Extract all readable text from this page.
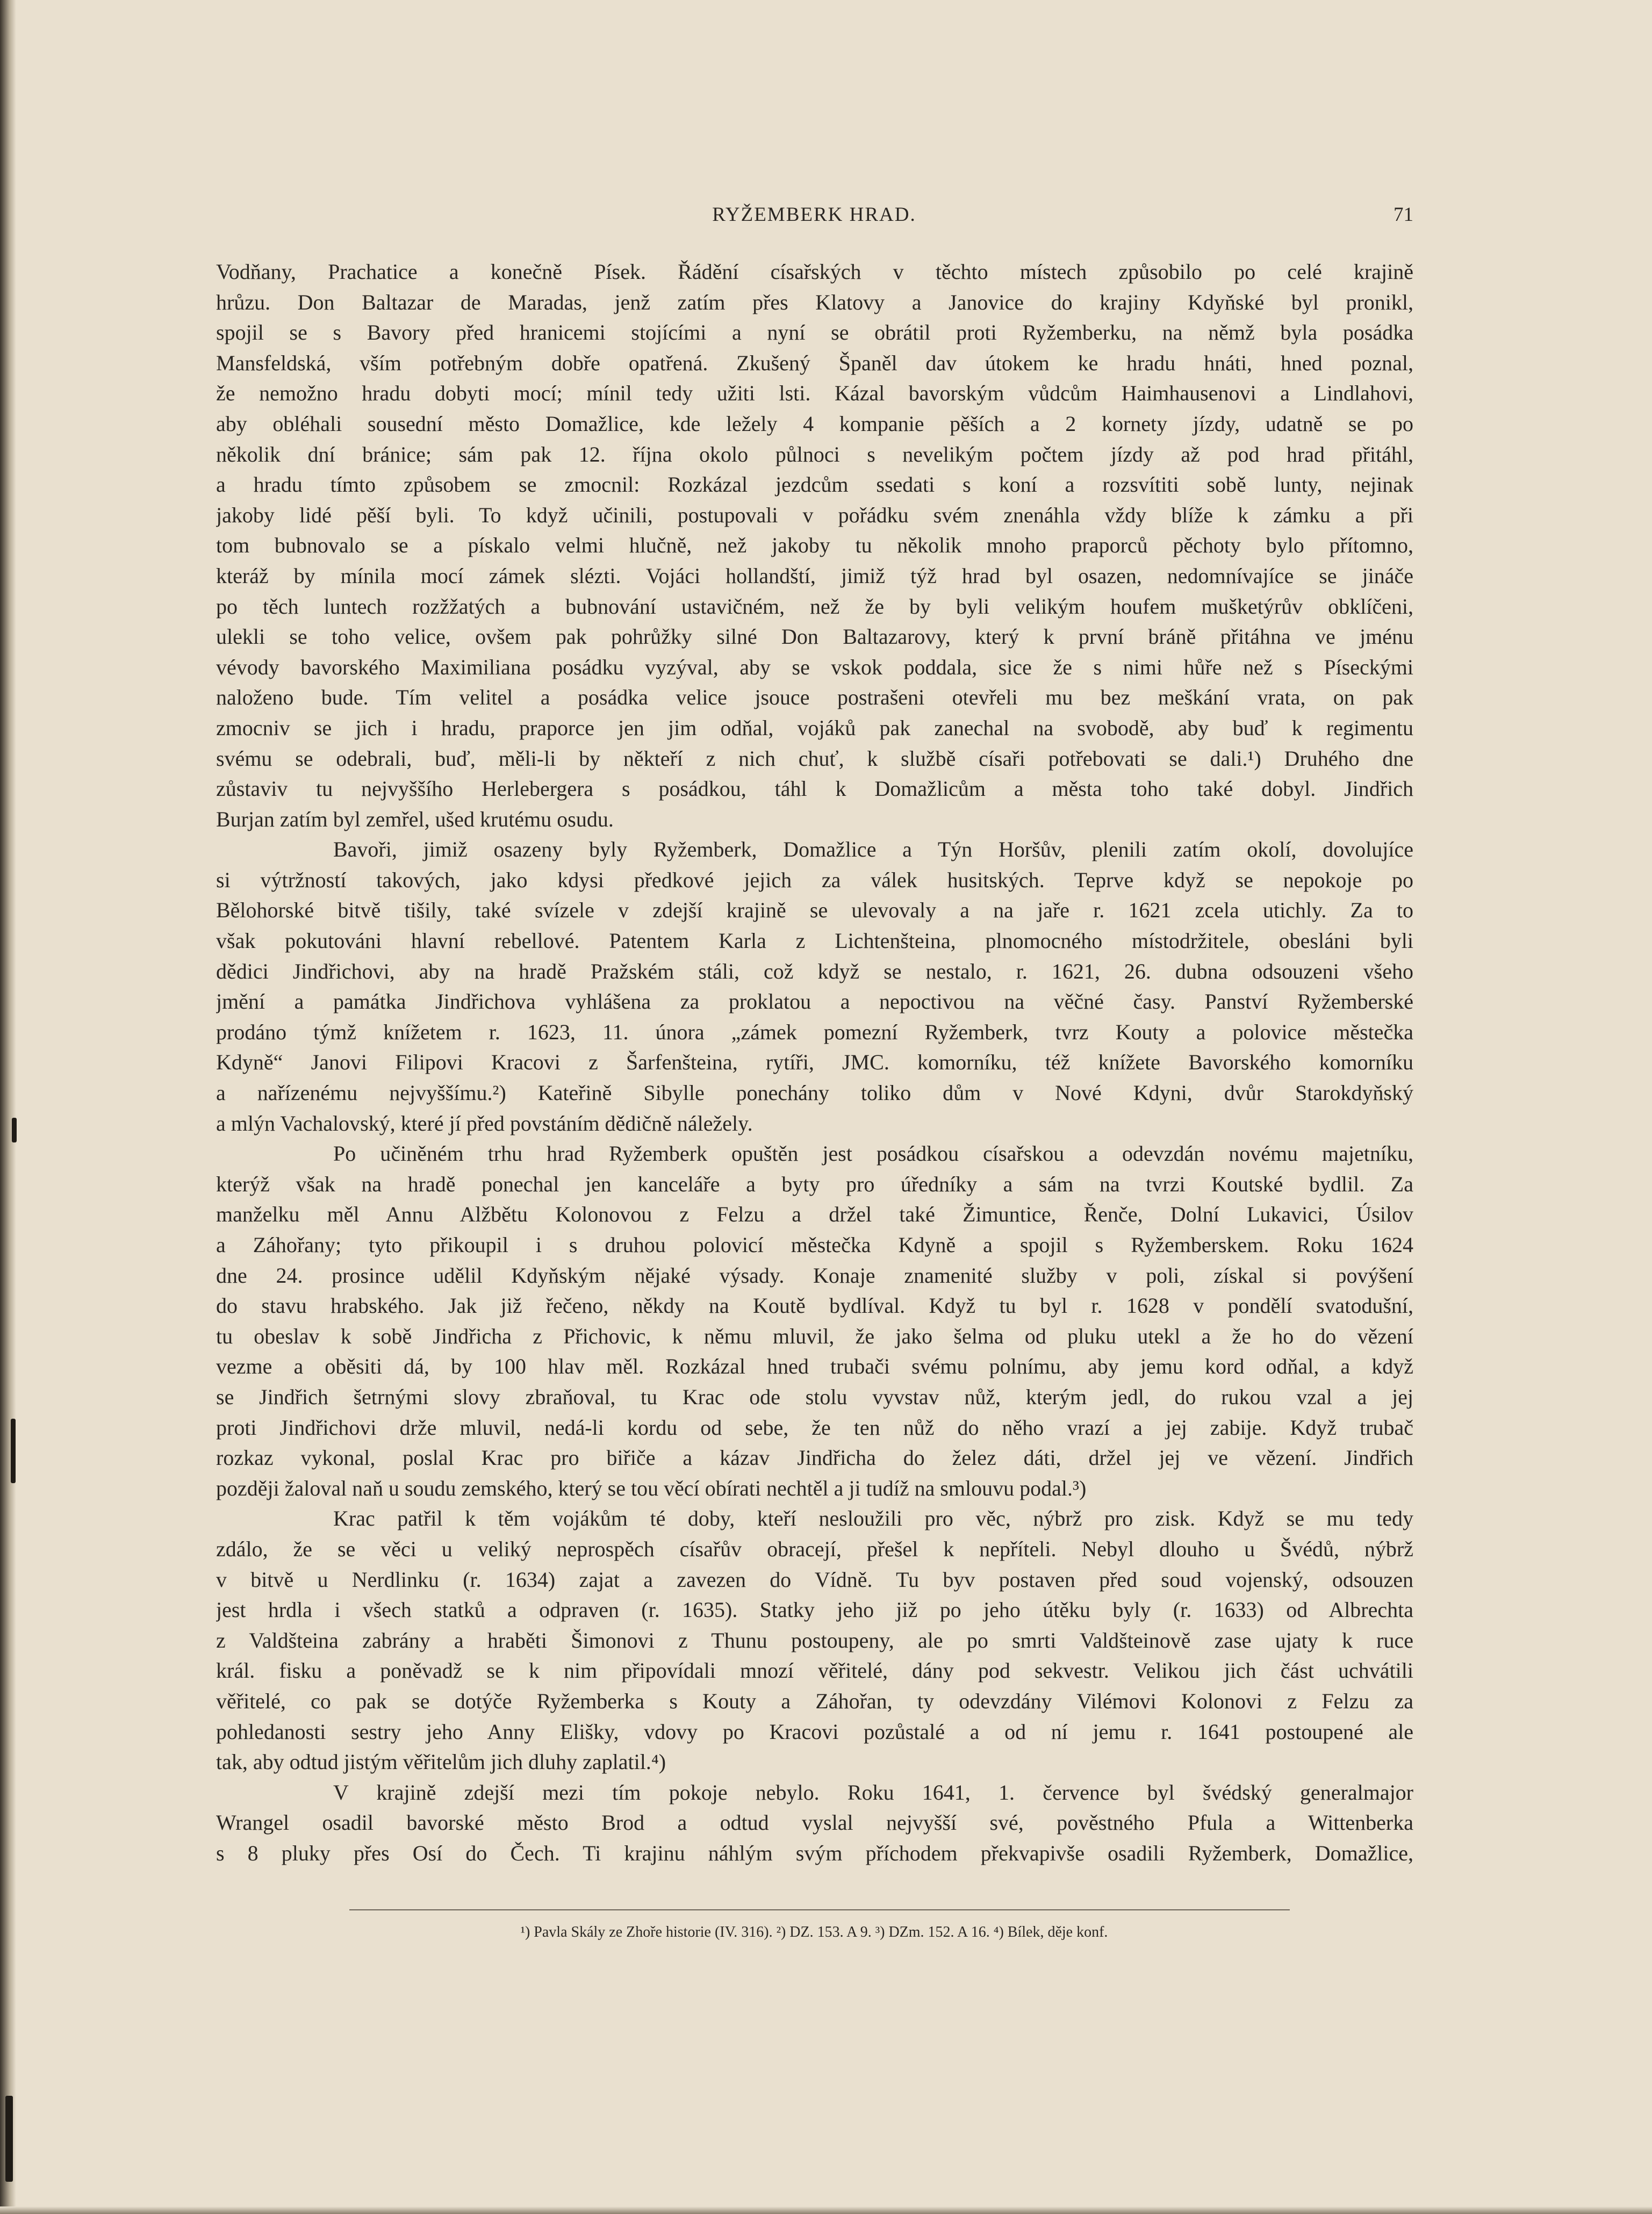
RYŽEMBERK HRAD.	71
Vodňany, Prachatice a konečně Písek. Řádění císařských v těchto místech způsobilo po celé krajině
hrůzu. Don Baltazar de Maradas, jenž zatím přes Klatovy a Janovice do krajiny Kdyňské byl pronikl,
spojil se s Bavory před hranicemi stojícími a nyní se obrátil proti Ryžemberku, na němž byla posádka
Mansfeldská, vším potřebným dobře opatřená. Zkušený Španěl dav útokem ke hradu hnáti, hned poznal,
že nemožno hradu dobyti mocí; mínil tedy užiti lsti. Kázal bavorským vůdcům Haimhausenovi a Lindlahovi,
aby obléhali sousední město Domažlice, kde ležely 4 kompanie pěších a 2 kornety jízdy, udatně se po
několik dní bránice; sám pak 12. října okolo půlnoci s nevelikým počtem jízdy až pod hrad přitáhl,
a hradu tímto způsobem se zmocnil: Rozkázal jezdcům ssedati s koní a rozsvítiti sobě lunty, nejinak
jakoby lidé pěší byli. To když učinili, postupovali v pořádku svém znenáhla vždy blíže k zámku a při
tom bubnovalo se a pískalo velmi hlučně, než jakoby tu několik mnoho praporců pěchoty bylo přítomno,
kteráž by mínila mocí zámek slézti. Vojáci hollandští, jimiž týž hrad byl osazen, nedomnívajíce se jináče
po těch luntech rozžžatých a bubnování ustavičném, než že by byli velikým houfem mušketýrův obklíčeni,
ulekli se toho velice, ovšem pak pohrůžky silné Don Baltazarovy, který k první bráně přitáhna ve jménu
vévody bavorského Maximiliana posádku vyzýval, aby se vskok poddala, sice že s nimi hůře než s Píseckými
naloženo bude. Tím velitel a posádka velice jsouce postrašeni otevřeli mu bez meškání vrata, on pak
zmocniv se jich i hradu, praporce jen jim odňal, vojáků pak zanechal na svobodě, aby buď k regimentu
svému se odebrali, buď, měli-li by někteří z nich chuť, k službě císaři potřebovati se dali.¹) Druhého dne
zůstaviv tu nejvyššího Herlebergera s posádkou, táhl k Domažlicům a města toho také dobyl. Jindřich
Burjan zatím byl zemřel, ušed krutému osudu.
Bavoři, jimiž osazeny byly Ryžemberk, Domažlice a Týn Horšův, plenili zatím okolí, dovolujíce
si výtržností takových, jako kdysi předkové jejich za válek husitských. Teprve když se nepokoje po
Bělohorské bitvě tišily, také svízele v zdejší krajině se ulevovaly a na jaře r. 1621 zcela utichly. Za to
však pokutováni hlavní rebellové. Patentem Karla z Lichtenšteina, plnomocného místodržitele, obesláni byli
dědici Jindřichovi, aby na hradě Pražském stáli, což když se nestalo, r. 1621, 26. dubna odsouzeni všeho
jmění a památka Jindřichova vyhlášena za proklatou a nepoctivou na věčné časy. Panství Ryžemberské
prodáno týmž knížetem r. 1623, 11. února „zámek pomezní Ryžemberk, tvrz Kouty a polovice městečka
Kdyně“ Janovi Filipovi Kracovi z Šarfenšteina, rytíři, JMC. komorníku, též knížete Bavorského komorníku
a nařízenému nejvyššímu.²) Kateřině Sibylle ponechány toliko dům v Nové Kdyni, dvůr Starokdyňský
a mlýn Vachalovský, které jí před povstáním dědičně náležely.
Po učiněném trhu hrad Ryžemberk opuštěn jest posádkou císařskou a odevzdán novému majetníku,
kterýž však na hradě ponechal jen kanceláře a byty pro úředníky a sám na tvrzi Koutské bydlil. Za
manželku měl Annu Alžbětu Kolonovou z Felzu a držel také Žimuntice, Řenče, Dolní Lukavici, Úsilov
a Záhořany; tyto přikoupil i s druhou polovicí městečka Kdyně a spojil s Ryžemberskem. Roku 1624
dne 24. prosince udělil Kdyňským nějaké výsady. Konaje znamenité služby v poli, získal si povýšení
do stavu hrabského. Jak již řečeno, někdy na Koutě bydlíval. Když tu byl r. 1628 v pondělí svatodušní,
tu obeslav k sobě Jindřicha z Přichovic, k němu mluvil, že jako šelma od pluku utekl a že ho do vězení
vezme a oběsiti dá, by 100 hlav měl. Rozkázal hned trubači svému polnímu, aby jemu kord odňal, a když
se Jindřich šetrnými slovy zbraňoval, tu Krac ode stolu vyvstav nůž, kterým jedl, do rukou vzal a jej
proti Jindřichovi drže mluvil, nedá-li kordu od sebe, že ten nůž do něho vrazí a jej zabije. Když trubač
rozkaz vykonal, poslal Krac pro biřiče a kázav Jindřicha do želez dáti, držel jej ve vězení. Jindřich
později žaloval naň u soudu zemského, který se tou věcí obírati nechtěl a ji tudíž na smlouvu podal.³)
Krac patřil k těm vojákům té doby, kteří nesloužili pro věc, nýbrž pro zisk. Když se mu tedy
zdálo, že se věci u veliký neprospěch císařův obracejí, přešel k nepříteli. Nebyl dlouho u Švédů, nýbrž
v bitvě u Nerdlinku (r. 1634) zajat a zavezen do Vídně. Tu byv postaven před soud vojenský, odsouzen
jest hrdla i všech statků a odpraven (r. 1635). Statky jeho již po jeho útěku byly (r. 1633) od Albrechta
z Valdšteina zabrány a hraběti Šimonovi z Thunu postoupeny, ale po smrti Valdšteinově zase ujaty k ruce
král. fisku a poněvadž se k nim připovídali mnozí věřitelé, dány pod sekvestr. Velikou jich část uchvátili
věřitelé, co pak se dotýče Ryžemberka s Kouty a Záhořan, ty odevzdány Vilémovi Kolonovi z Felzu za
pohledanosti sestry jeho Anny Elišky, vdovy po Kracovi pozůstalé a od ní jemu r. 1641 postoupené ale
tak, aby odtud jistým věřitelům jich dluhy zaplatil.⁴)
V krajině zdejší mezi tím pokoje nebylo. Roku 1641, 1. července byl švédský generalmajor
Wrangel osadil bavorské město Brod a odtud vyslal nejvyšší své, pověstného Pfula a Wittenberka
s 8 pluky přes Osí do Čech. Ti krajinu náhlým svým příchodem překvapivše osadili Ryžemberk, Domažlice,
¹) Pavla Skály ze Zhoře historie (IV. 316). ²) DZ. 153. A 9. ³) DZm. 152. A 16. ⁴) Bílek, děje konf.
